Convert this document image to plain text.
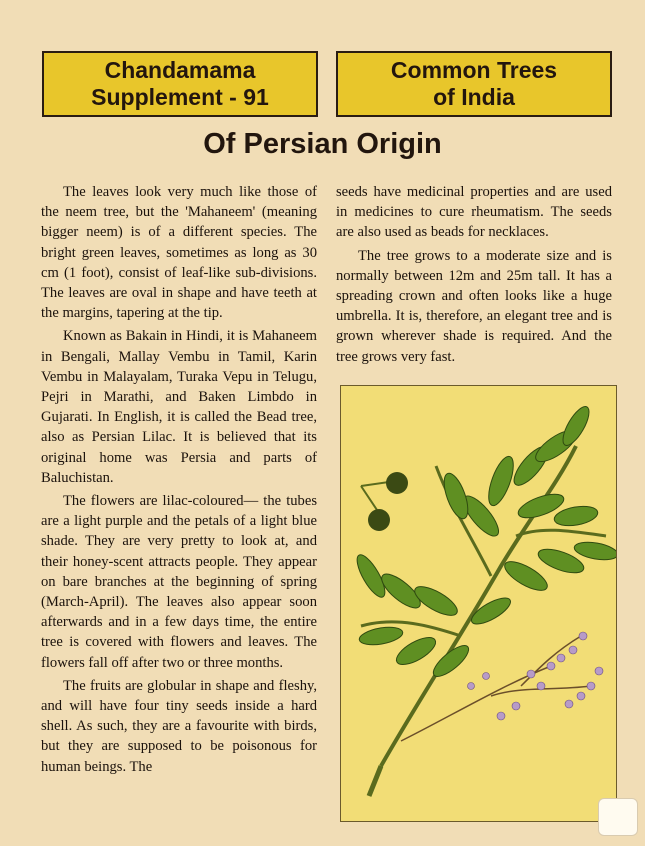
Chandamama
Supplement - 91
Common Trees
of India
Of Persian Origin

The leaves look very much like those of the neem tree, but the 'Mahaneem' (meaning bigger neem) is of a different species. The bright green leaves, sometimes as long as 30 cm (1 foot), consist of leaf-like sub-divisions. The leaves are oval in shape and have teeth at the margins, tapering at the tip.

Known as Bakain in Hindi, it is Mahaneem in Bengali, Mallay Vembu in Tamil, Karin Vembu in Malayalam, Turaka Vepu in Telugu, Pejri in Marathi, and Baken Limbdo in Gujarati. In English, it is called the Bead tree, also as Persian Lilac. It is believed that its original home was Persia and parts of Baluchistan.

The flowers are lilac-coloured— the tubes are a light purple and the petals of a light blue shade. They are very pretty to look at, and their honey-scent attracts people. They appear on bare branches at the beginning of spring (March-April). The leaves also appear soon afterwards and in a few days time, the entire tree is covered with flowers and leaves. The flowers fall off after two or three months.

The fruits are globular in shape and fleshy, and will have four tiny seeds inside a hard shell. As such, they are a favourite with birds, but they are supposed to be poisonous for human beings. The

seeds have medicinal properties and are used in medicines to cure rheumatism. The seeds are also used as beads for necklaces.

The tree grows to a moderate size and is normally between 12m and 25m tall. It has a spreading crown and often looks like a huge umbrella. It is, therefore, an elegant tree and is grown wherever shade is required. And the tree grows very fast.
